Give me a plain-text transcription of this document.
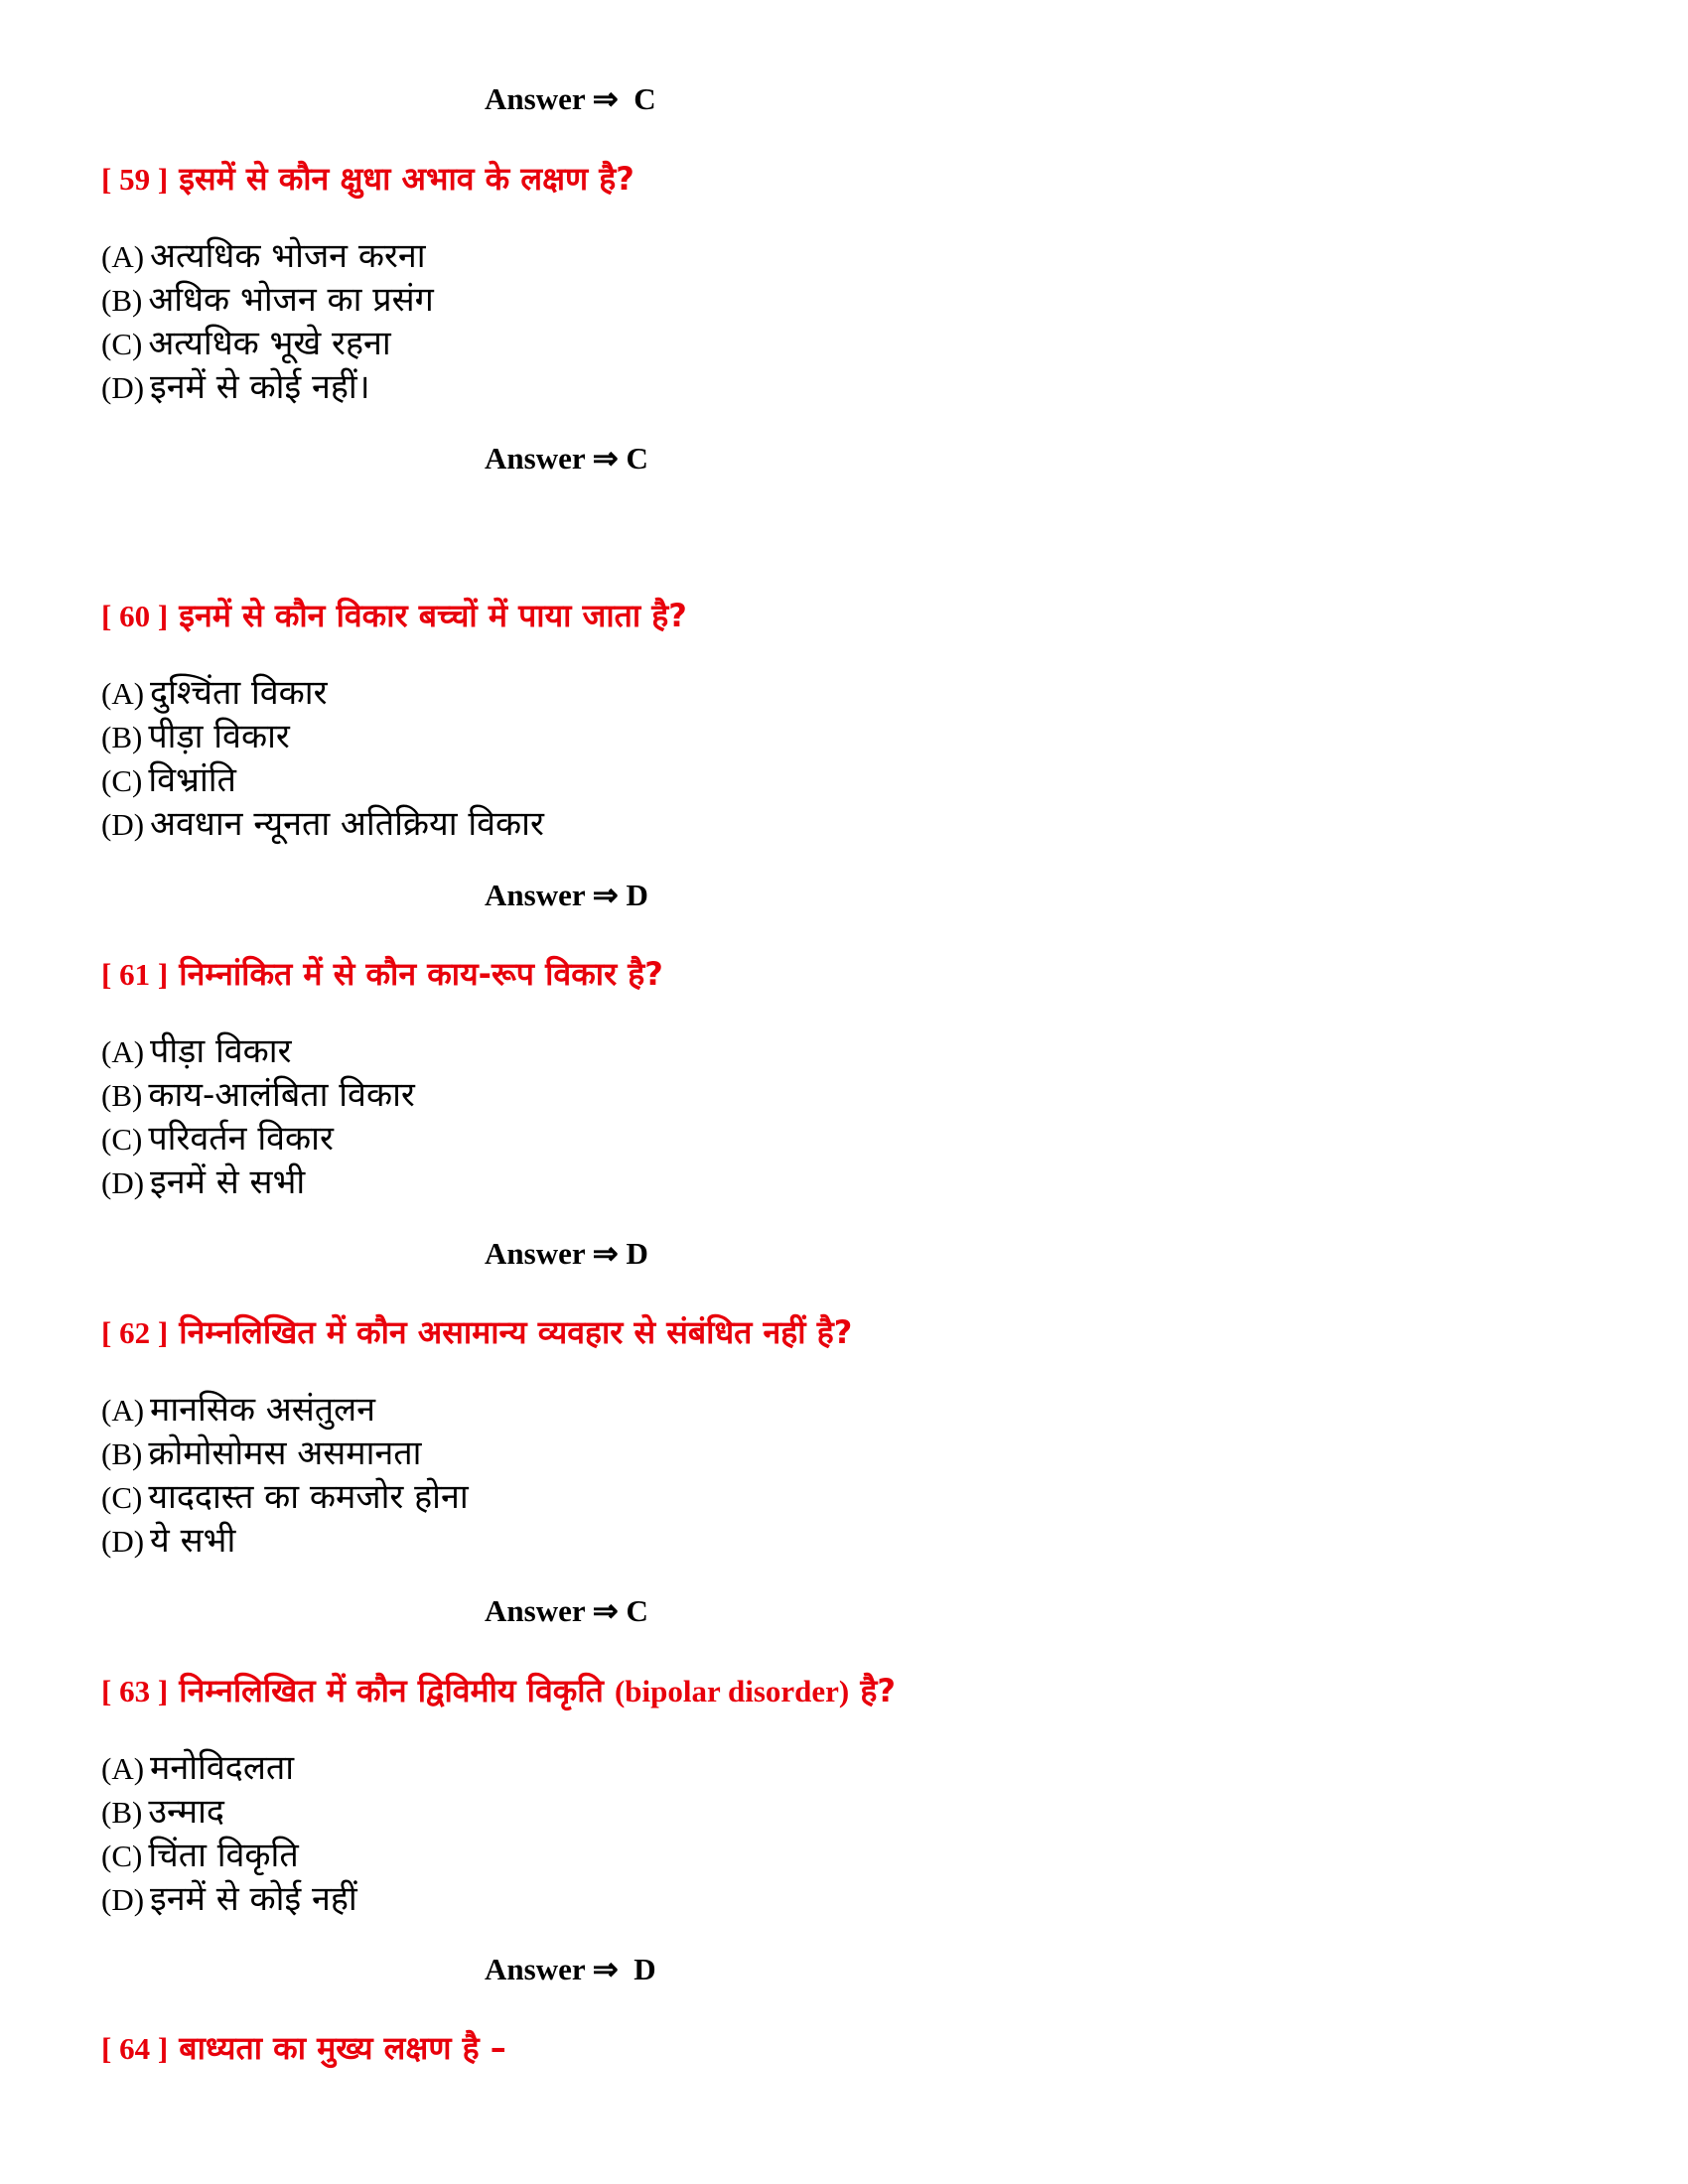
Answer ⇒  C
[ 59 ] इसमें से कौन क्षुधा अभाव के लक्षण है?
(A) अत्यधिक भोजन करना
(B) अधिक भोजन का प्रसंग
(C) अत्यधिक भूखे रहना
(D) इनमें से कोई नहीं।
Answer ⇒ C
[ 60 ] इनमें से कौन विकार बच्चों में पाया जाता है?
(A) दुश्चिंता विकार
(B) पीड़ा विकार
(C) विभ्रांति
(D) अवधान न्यूनता अतिक्रिया विकार
Answer ⇒ D
[ 61 ] निम्नांकित में से कौन काय-रूप विकार है?
(A) पीड़ा विकार
(B) काय-आलंबिता विकार
(C) परिवर्तन विकार
(D) इनमें से सभी
Answer ⇒ D
[ 62 ] निम्नलिखित में कौन असामान्य व्यवहार से संबंधित नहीं है?
(A) मानसिक असंतुलन
(B) क्रोमोसोमस असमानता
(C) याददास्त का कमजोर होना
(D) ये सभी
Answer ⇒ C
[ 63 ] निम्नलिखित में कौन द्विविमीय विकृति (bipolar disorder) है?
(A) मनोविदलता
(B) उन्माद
(C) चिंता विकृति
(D) इनमें से कोई नहीं
Answer ⇒  D
[ 64 ] बाध्यता का मुख्य लक्षण है –
